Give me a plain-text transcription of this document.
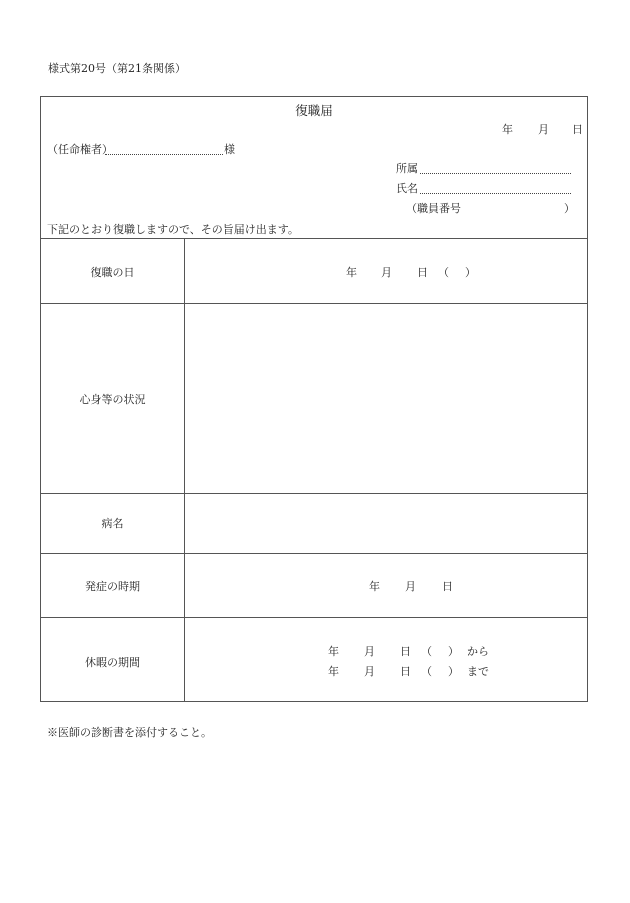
様式第20号（第21条関係）
復職届
年 月 日
（任命権者）	様
所属
氏名
（職員番号	）
下記のとおり復職しますので、その旨届け出ます。
復職の日	年 月 日 （ ）
心身等の状況
病名
発症の時期	年 月 日
休暇の期間
年 月 日 （ ） から
年 月 日 （ ） まで
※医師の診断書を添付すること。
